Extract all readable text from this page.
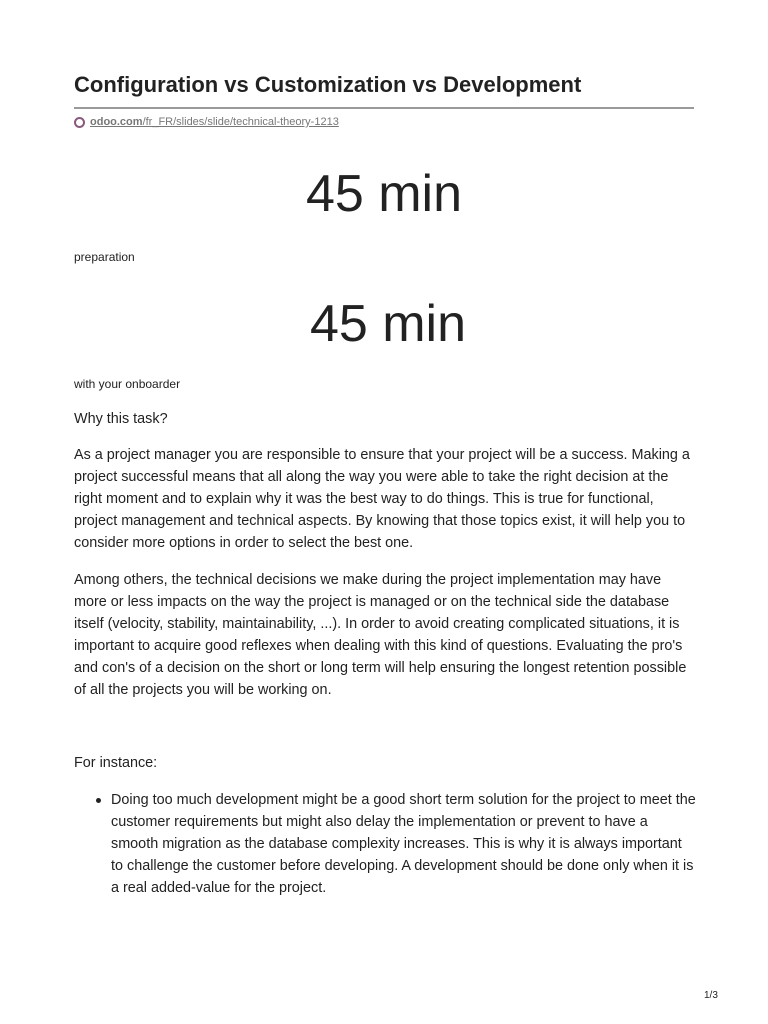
Configuration vs Customization vs Development
odoo.com/fr_FR/slides/slide/technical-theory-1213
45 min
preparation
45 min
with your onboarder

Why this task?

As a project manager you are responsible to ensure that your project will be a success. Making a project successful means that all along the way you were able to take the right decision at the right moment and to explain why it was the best way to do things. This is true for functional, project management and technical aspects. By knowing that those topics exist, it will help you to consider more options in order to select the best one.

Among others, the technical decisions we make during the project implementation may have more or less impacts on the way the project is managed or on the technical side the database itself (velocity, stability, maintainability, ...). In order to avoid creating complicated situations, it is important to acquire good reflexes when dealing with this kind of questions. Evaluating the pro's and con's of a decision on the short or long term will help ensuring the longest retention possible of all the projects you will be working on.

For instance:

Doing too much development might be a good short term solution for the project to meet the customer requirements but might also delay the implementation or prevent to have a smooth migration as the database complexity increases. This is why it is always important to challenge the customer before developing. A development should be done only when it is a real added-value for the project.
1/3
